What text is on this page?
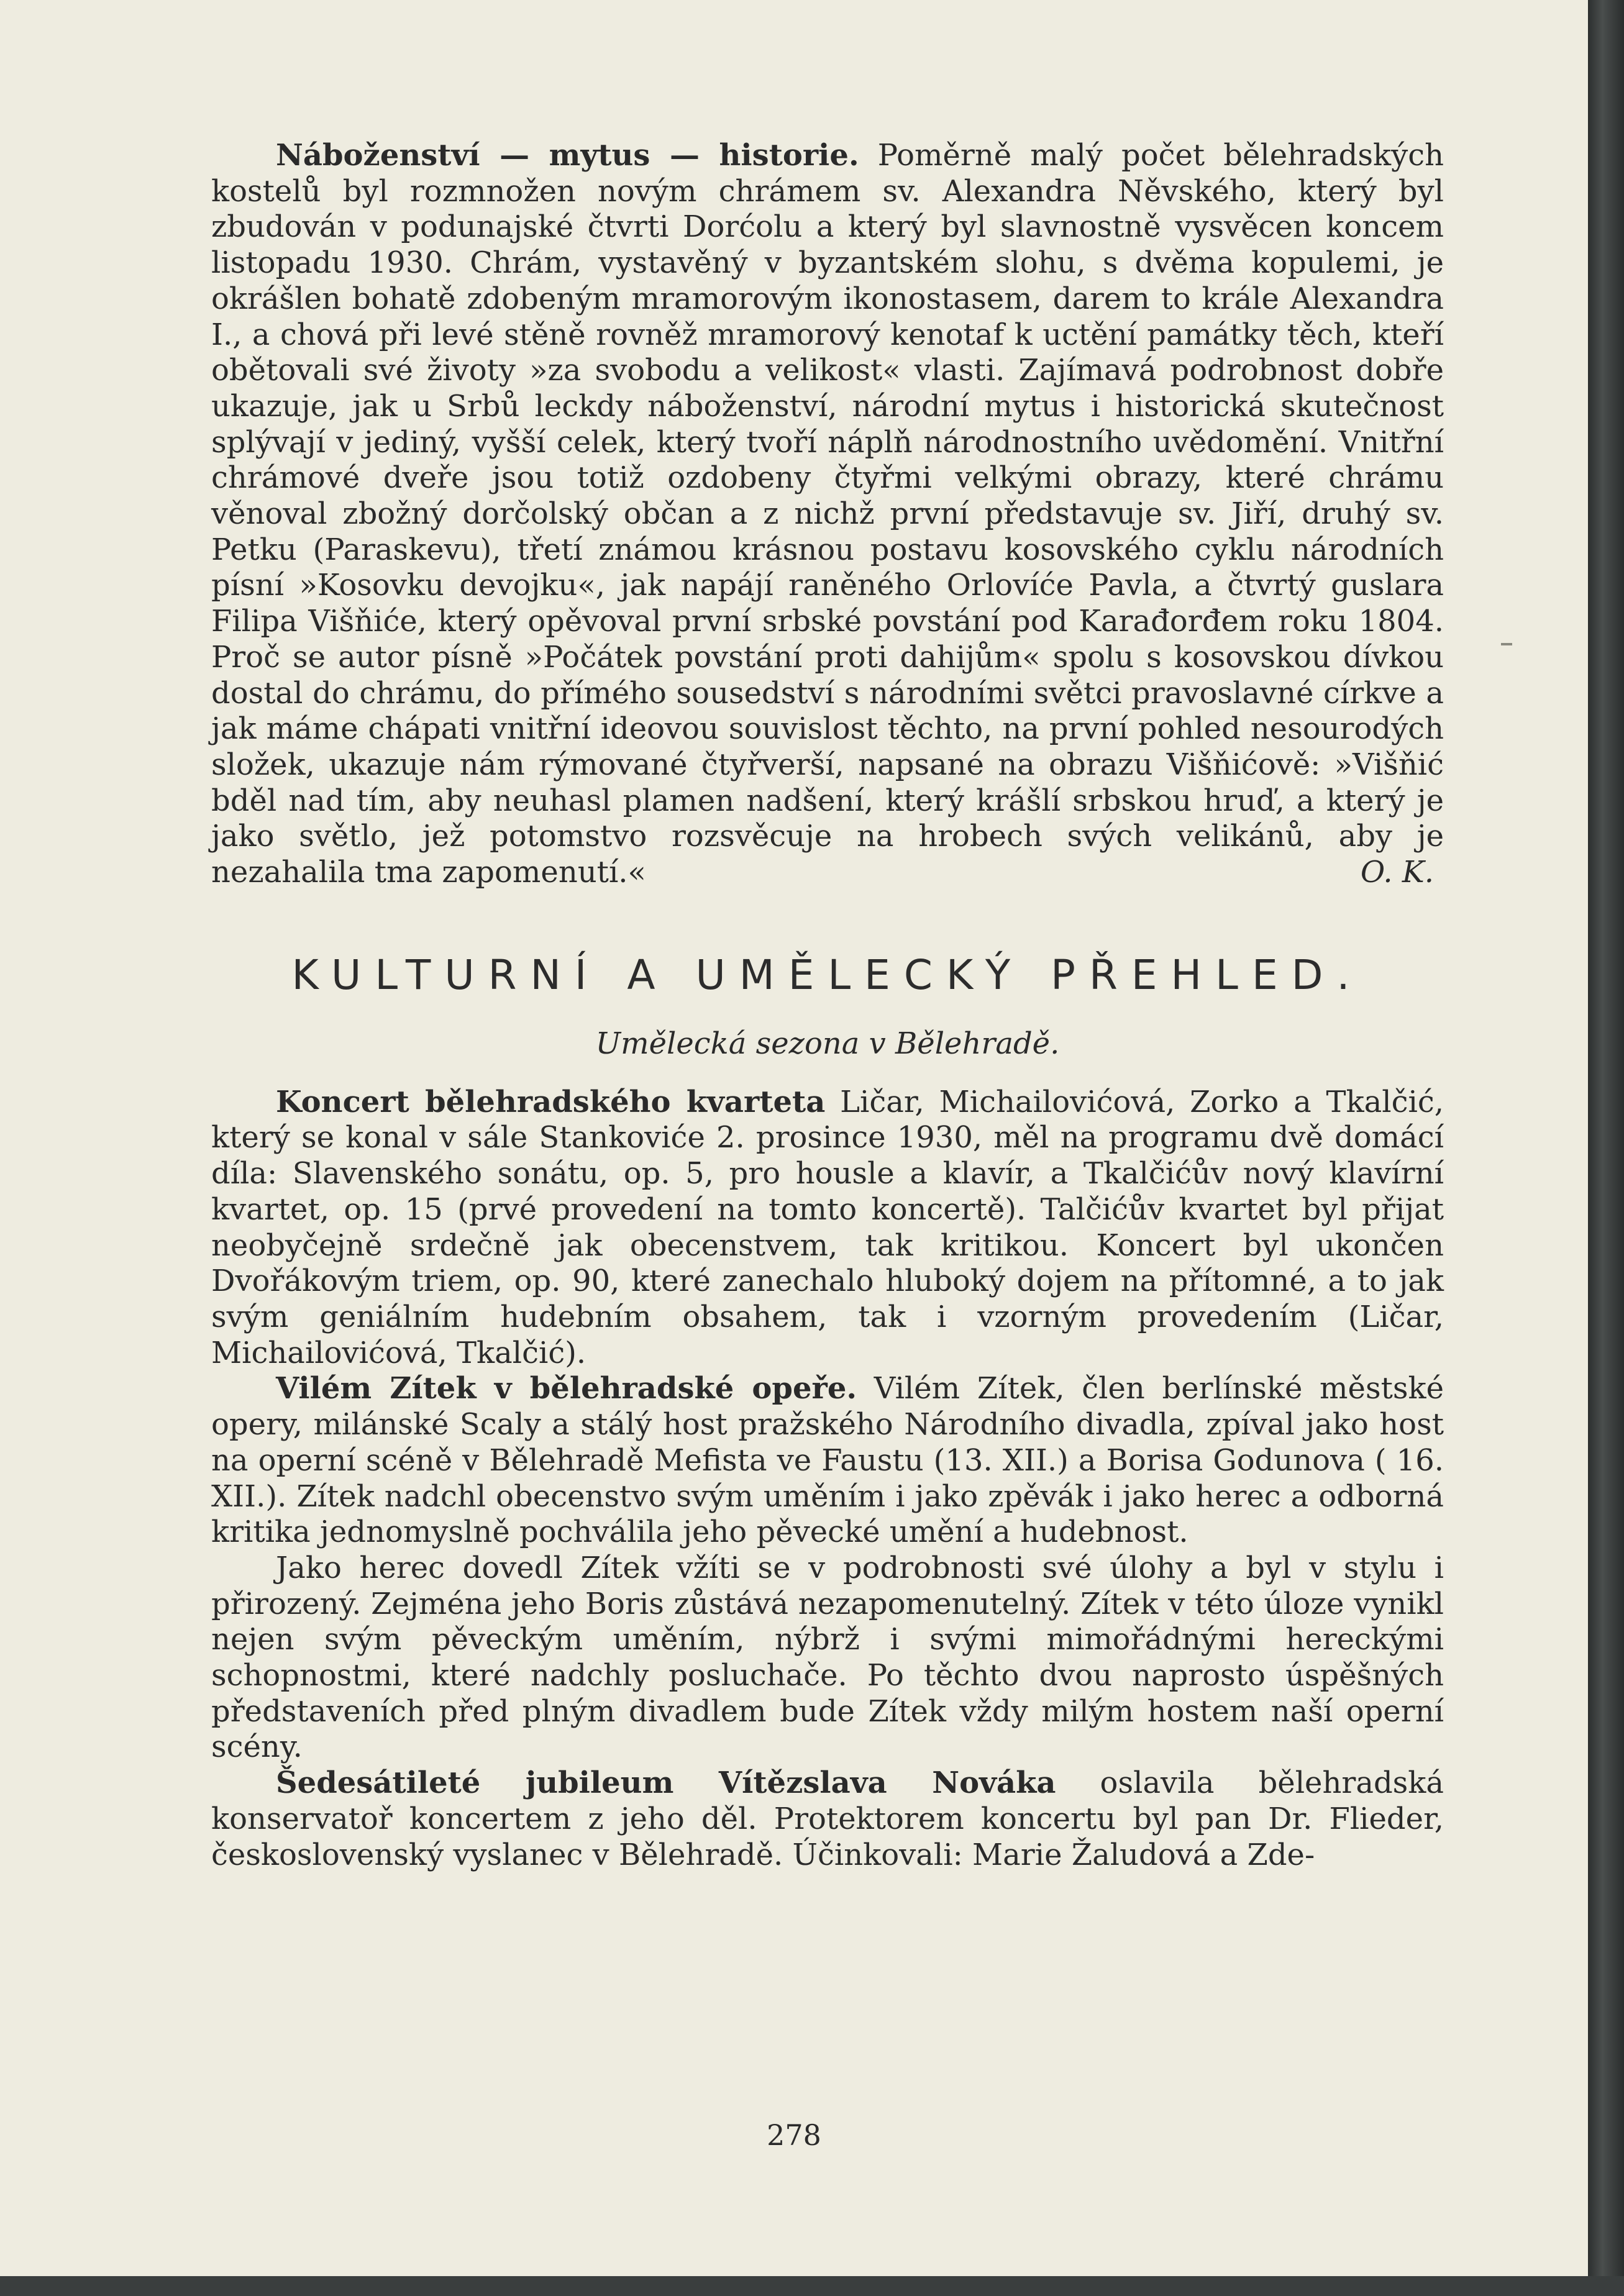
Náboženství — mytus — historie. Poměrně malý počet bělehradských kostelů byl rozmnožen novým chrámem sv. Alexandra Něvského, který byl zbudován v podunajské čtvrti Dorćolu a který byl slavnostně vysvěcen koncem listopadu 1930. Chrám, vystavěný v byzantském slohu, s dvěma kopulemi, je okrášlen bohatě zdobeným mramorovým ikonostasem, darem to krále Alexandra I., a chová při levé stěně rovněž mramorový kenotaf k uctění památky těch, kteří obětovali své životy »za svobodu a velikost« vlasti. Zajímavá podrobnost dobře ukazuje, jak u Srbů leckdy náboženství, národní mytus i historická skutečnost splývají v jediný, vyšší celek, který tvoří náplň národnostního uvědomění. Vnitřní chrámové dveře jsou totiž ozdobeny čtyřmi velkými obrazy, které chrámu věnoval zbožný dorčolský občan a z nichž první představuje sv. Jiří, druhý sv. Petku (Paraskevu), třetí známou krásnou postavu kosovského cyklu národních písní »Kosovku devojku«, jak napájí raněného Orlovíće Pavla, a čtvrtý guslara Filipa Višňiće, který opěvoval první srbské povstání pod Karađorđem roku 1804. Proč se autor písně »Počátek povstání proti dahijům« spolu s kosovskou dívkou dostal do chrámu, do přímého sousedství s národními světci pravoslavné církve a jak máme chápati vnitřní ideovou souvislost těchto, na první pohled nesourodých složek, ukazuje nám rýmované čtyřverší, napsané na obrazu Višňićově: »Višňić bděl nad tím, aby neuhasl plamen nadšení, který krášlí srbskou hruď, a který je jako světlo, jež potomstvo rozsvěcuje na hrobech svých velikánů, aby je nezahalila tma zapomenutí.«	O. K.

KULTURNÍ A UMĚLECKÝ PŘEHLED.
Umělecká sezona v Bělehradě.

Koncert bělehradského kvarteta Ličar, Michailovićová, Zorko a Tkalčić, který se konal v sále Stankoviće 2. prosince 1930, měl na programu dvě domácí díla: Slavenského sonátu, op. 5, pro housle a klavír, a Tkalčićův nový klavírní kvartet, op. 15 (prvé provedení na tomto koncertě). Talčićův kvartet byl přijat neobyčejně srdečně jak obecenstvem, tak kritikou. Koncert byl ukončen Dvořákovým triem, op. 90, které zanechalo hluboký dojem na přítomné, a to jak svým geniálním hudebním obsahem, tak i vzorným provedením (Ličar, Michailovićová, Tkalčić).

Vilém Zítek v bělehradské opeře. Vilém Zítek, člen berlínské městské opery, milánské Scaly a stálý host pražského Národního divadla, zpíval jako host na operní scéně v Bělehradě Mefista ve Faustu (13. XII.) a Borisa Godunova ( 16. XII.). Zítek nadchl obecenstvo svým uměním i jako zpěvák i jako herec a odborná kritika jednomyslně pochválila jeho pěvecké umění a hudebnost.

Jako herec dovedl Zítek vžíti se v podrobnosti své úlohy a byl v stylu i přirozený. Zejména jeho Boris zůstává nezapomenutelný. Zítek v této úloze vynikl nejen svým pěveckým uměním, nýbrž i svými mimořádnými hereckými schopnostmi, které nadchly posluchače. Po těchto dvou naprosto úspěšných představeních před plným divadlem bude Zítek vždy milým hostem naší operní scény.

Šedesátileté jubileum Vítězslava Nováka oslavila bělehradská konservatoř koncertem z jeho děl. Protektorem koncertu byl pan Dr. Flieder, československý vyslanec v Bělehradě. Účinkovali: Marie Žaludová a Zde-

278
